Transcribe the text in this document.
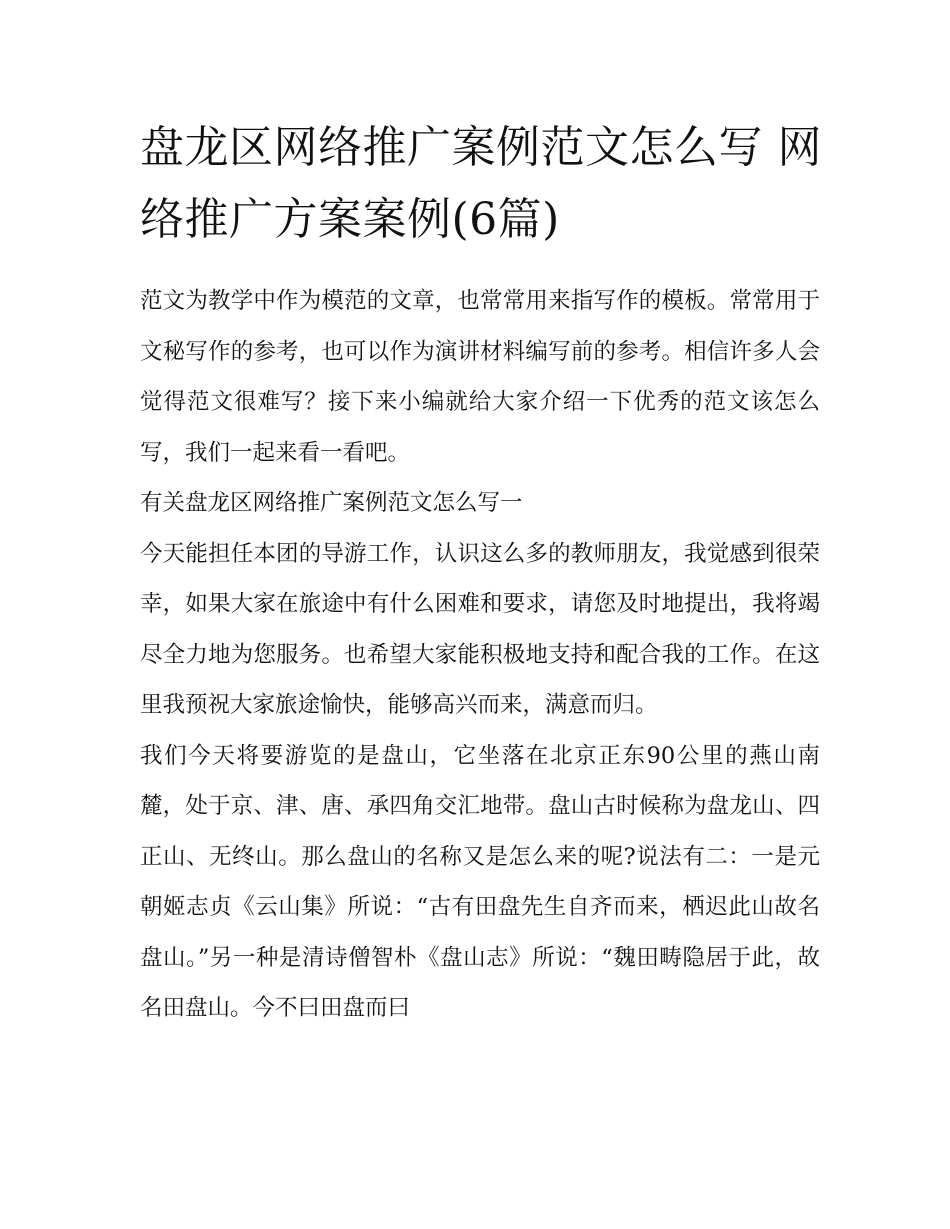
盘龙区网络推广案例范文怎么写 网络推广方案案例(6篇)

范文为教学中作为模范的文章，也常常用来指写作的模板。常常用于文秘写作的参考，也可以作为演讲材料编写前的参考。相信许多人会觉得范文很难写？接下来小编就给大家介绍一下优秀的范文该怎么写，我们一起来看一看吧。

有关盘龙区网络推广案例范文怎么写一

今天能担任本团的导游工作，认识这么多的教师朋友，我觉感到很荣幸，如果大家在旅途中有什么困难和要求，请您及时地提出，我将竭尽全力地为您服务。也希望大家能积极地支持和配合我的工作。在这里我预祝大家旅途愉快，能够高兴而来，满意而归。

我们今天将要游览的是盘山，它坐落在北京正东90公里的燕山南麓，处于京、津、唐、承四角交汇地带。盘山古时候称为盘龙山、四正山、无终山。那么盘山的名称又是怎么来的呢?说法有二：一是元朝姬志贞《云山集》所说：“古有田盘先生自齐而来，栖迟此山故名盘山。”另一种是清诗僧智朴《盘山志》所说：“魏田畴隐居于此，故名田盘山。今不曰田盘而曰
